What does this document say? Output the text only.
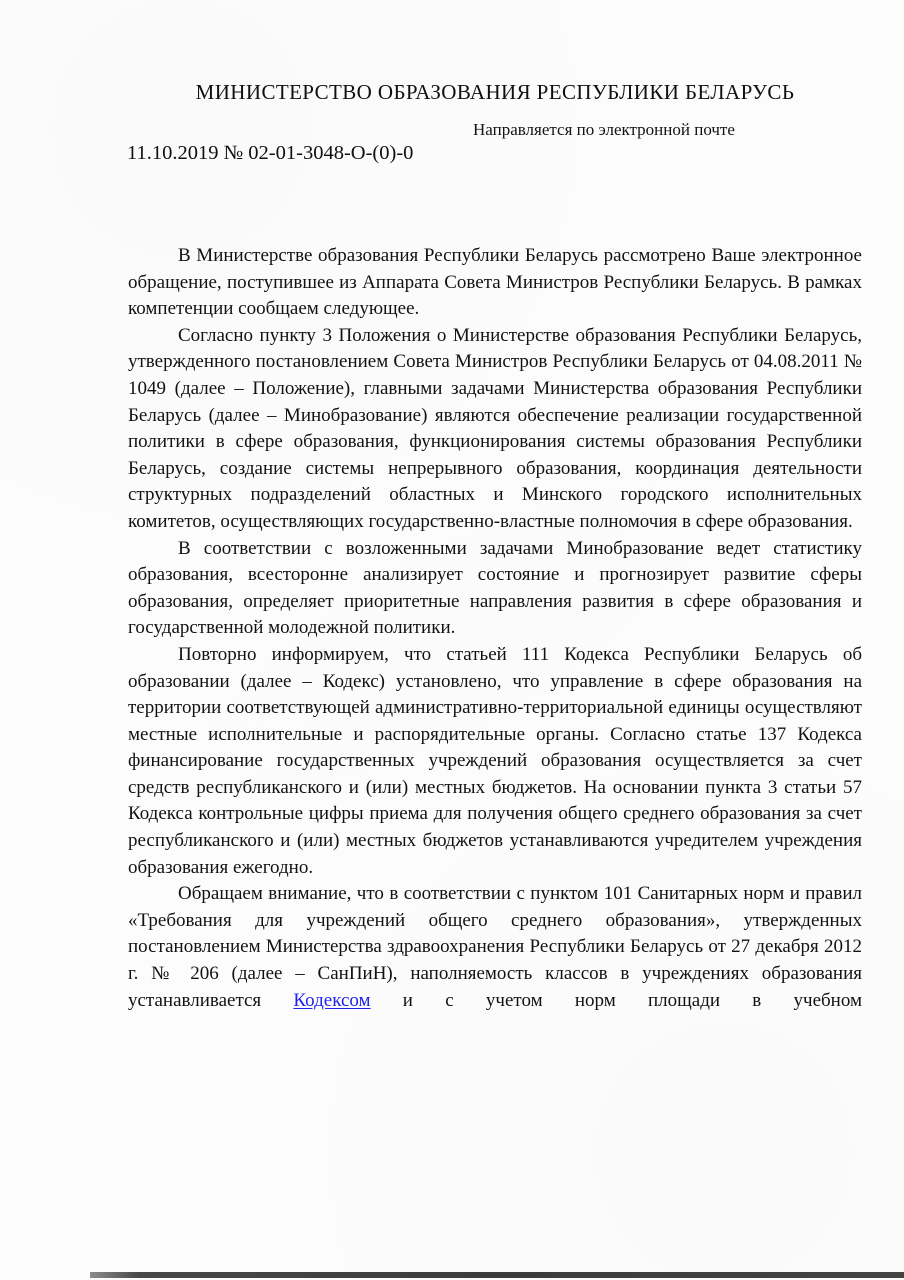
МИНИСТЕРСТВО ОБРАЗОВАНИЯ РЕСПУБЛИКИ БЕЛАРУСЬ
Направляется по электронной почте
11.10.2019 № 02-01-3048-О-(0)-0

В Министерстве образования Республики Беларусь рассмотрено Ваше электронное обращение, поступившее из Аппарата Совета Министров Республики Беларусь. В рамках компетенции сообщаем следующее.

Согласно пункту 3 Положения о Министерстве образования Республики Беларусь, утвержденного постановлением Совета Министров Республики Беларусь от 04.08.2011 № 1049 (далее – Положение), главными задачами Министерства образования Республики Беларусь (далее – Минобразование) являются обеспечение реализации государственной политики в сфере образования, функционирования системы образования Республики Беларусь, создание системы непрерывного образования, координация деятельности структурных подразделений областных и Минского городского исполнительных комитетов, осуществляющих государственно-властные полномочия в сфере образования.

В соответствии с возложенными задачами Минобразование ведет статистику образования, всесторонне анализирует состояние и прогнозирует развитие сферы образования, определяет приоритетные направления развития в сфере образования и государственной молодежной политики.

Повторно информируем, что статьей 111 Кодекса Республики Беларусь об образовании (далее – Кодекс) установлено, что управление в сфере образования на территории соответствующей административно-территориальной единицы осуществляют местные исполнительные и распорядительные органы. Согласно статье 137 Кодекса финансирование государственных учреждений образования осуществляется за счет средств республиканского и (или) местных бюджетов. На основании пункта 3 статьи 57 Кодекса контрольные цифры приема для получения общего среднего образования за счет республиканского и (или) местных бюджетов устанавливаются учредителем учреждения образования ежегодно.

Обращаем внимание, что в соответствии с пунктом 101 Санитарных норм и правил «Требования для учреждений общего среднего образования», утвержденных постановлением Министерства здравоохранения Республики Беларусь от 27 декабря 2012 г. № 206 (далее – СанПиН), наполняемость классов в учреждениях образования устанавливается Кодексом и с учетом норм площади в учебном
